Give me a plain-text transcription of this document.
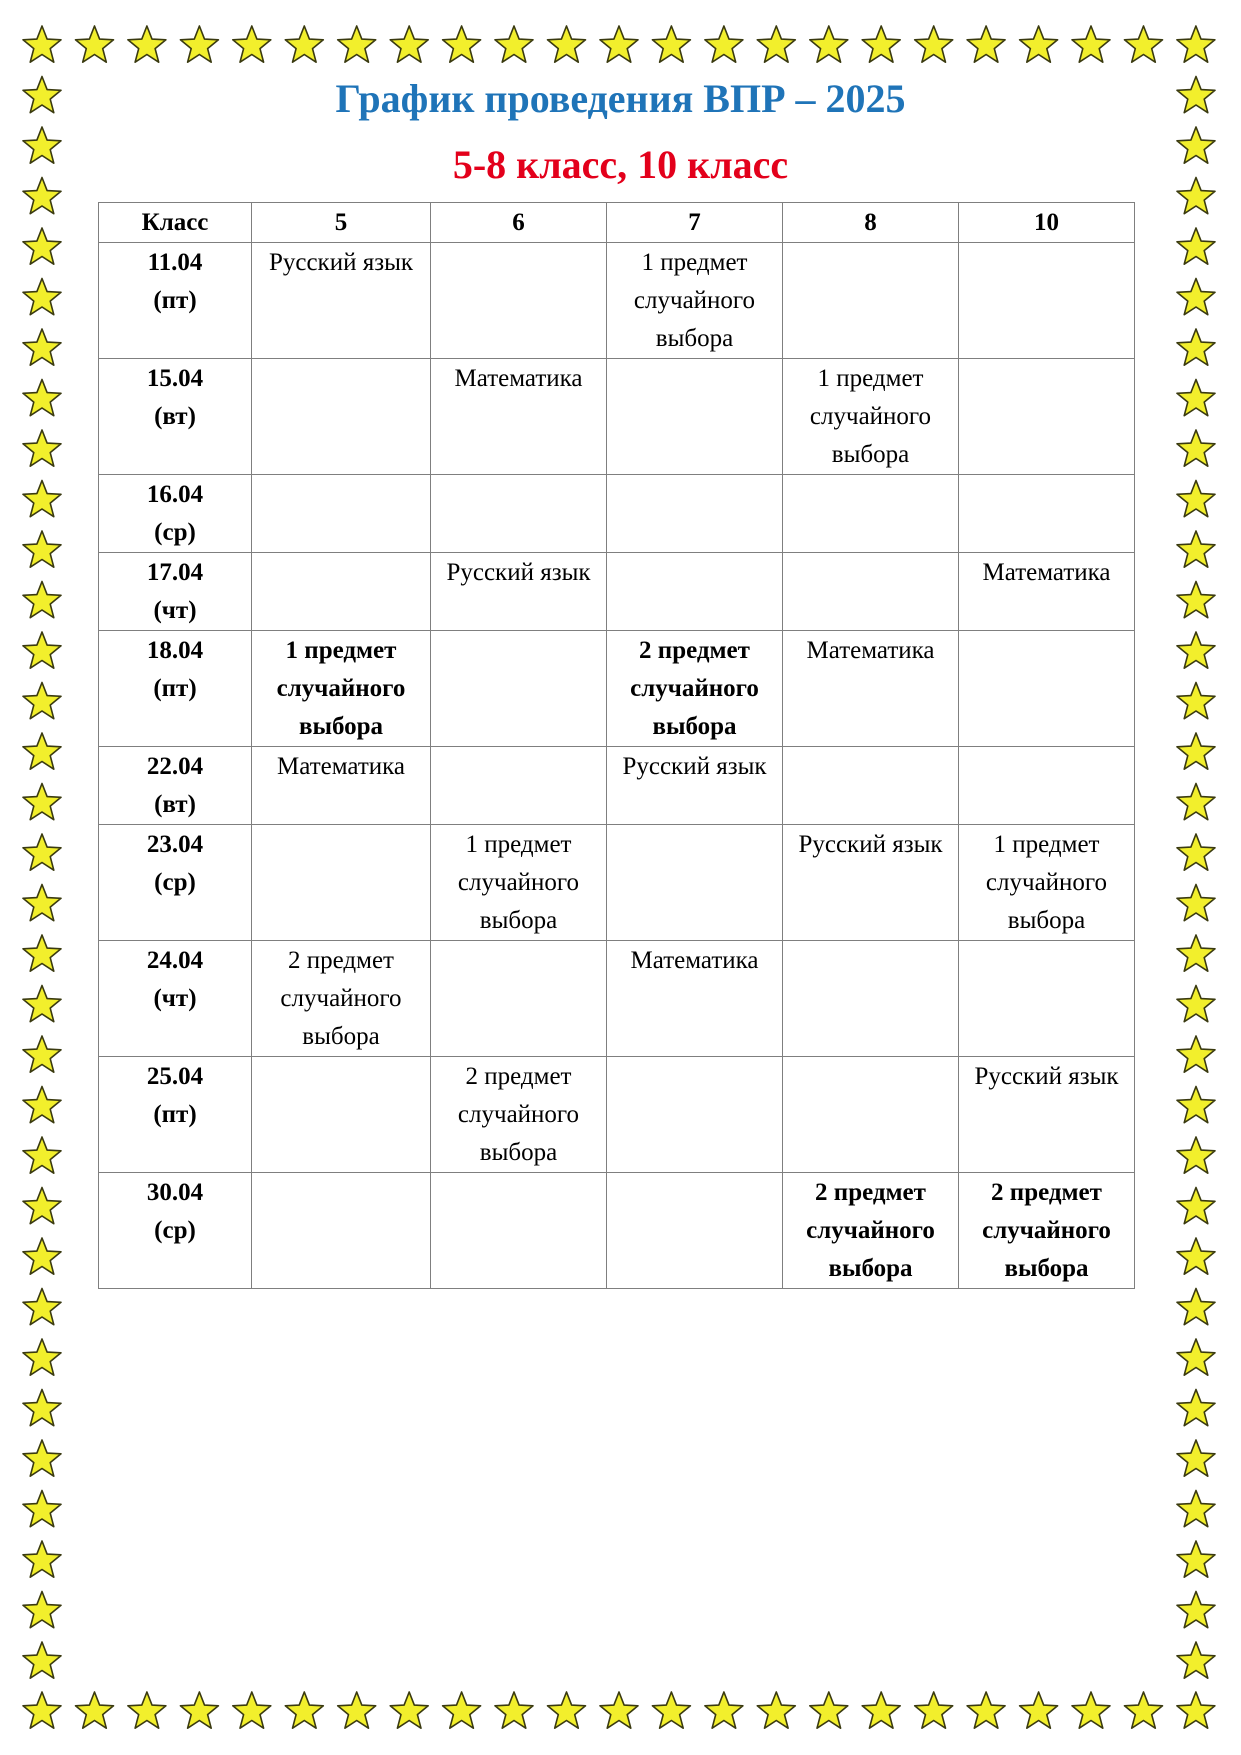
График проведения ВПР – 2025
5-8 класс, 10 класс
Класс	5	6	7	8	10
11.04
(пт)	Русский язык		1 предмет случайного выбора		
15.04
(вт)		Математика		1 предмет случайного выбора	
16.04
(ср)					
17.04
(чт)		Русский язык			Математика
18.04
(пт)	1 предмет случайного выбора		2 предмет случайного выбора	Математика	
22.04
(вт)	Математика		Русский язык		
23.04
(ср)		1 предмет случайного выбора		Русский язык	1 предмет случайного выбора
24.04
(чт)	2 предмет случайного выбора		Математика		
25.04
(пт)		2 предмет случайного выбора			Русский язык
30.04
(ср)				2 предмет случайного выбора	2 предмет случайного выбора
